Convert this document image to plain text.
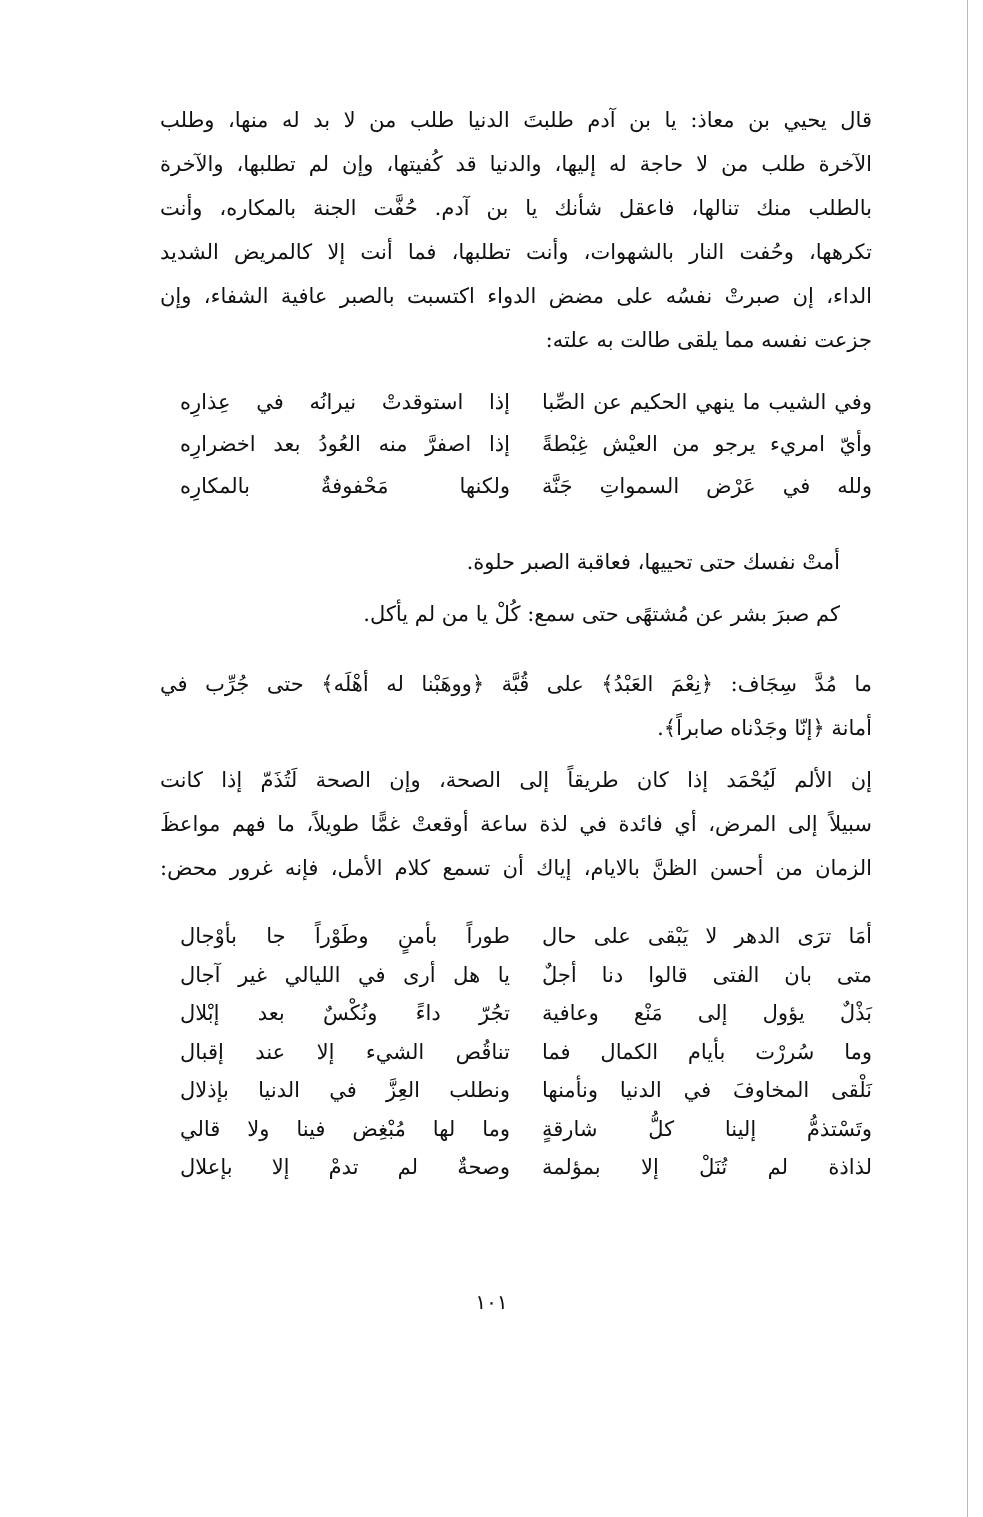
قال يحيي بن معاذ: يا بن آدم طلبتَ الدنيا طلب من لا بد له منها، وطلب
الآخرة طلب من لا حاجة له إليها، والدنيا قد كُفيتها، وإن لم تطلبها، والآخرة
بالطلب منك تنالها، فاعقل شأنك يا بن آدم. حُفَّت الجنة بالمكاره، وأنت
تكرهها، وحُفت النار بالشهوات، وأنت تطلبها، فما أنت إلا كالمريض الشديد
الداء، إن صبرتْ نفسُه على مضض الدواء اكتسبت بالصبر عافية الشفاء، وإن
جزعت نفسه مما يلقى طالت به علته:
وفي الشيب ما ينهي الحكيم عن الصِّبا
إذا استوقدتْ نيرانُه في عِذارِه
وأيّ امريء يرجو من العيْش غِبْطةً
إذا اصفرَّ منه العُودُ بعد اخضرارِه
ولله في عَرْض السمواتِ جَنَّة
ولكنها مَحْفوفةٌ بالمكارِه
أمتْ نفسك حتى تحييها، فعاقبة الصبر حلوة.
كم صبرَ بشر عن مُشتهًى حتى سمع: كُلْ يا من لم يأكل.
ما مُدَّ سِجَاف: ﴿نِعْمَ العَبْدُ﴾ على قُبَّة ﴿ووهَبْنا له أهْلَه﴾ حتى جُرِّب في
أمانة ﴿إنّا وجَدْناه صابراً﴾.
إن الألم لَيُحْمَد إذا كان طريقاً إلى الصحة، وإن الصحة لَتُذَمّ إذا كانت
سبيلاً إلى المرض، أي فائدة في لذة ساعة أوقعتْ غمًّا طويلاً، ما فهم مواعظَ
الزمان من أحسن الظنَّ بالايام، إياك أن تسمع كلام الأمل، فإنه غرور محض:
أمَا ترَى الدهر لا يَبْقى على حال
طوراً بأمنٍ وطَوْراً جا بأوْجال
متى بان الفتى قالوا دنا أجلٌ
يا هل أرى في الليالي غير آجال
بَذْلٌ يؤول إلى مَنْع وعافية
تجُرّ داءً ونُكْسٌ بعد إبْلال
وما سُررْت بأيام الكمال فما
تناقُص الشيء إلا عند إقبال
نَلْقى المخاوفَ في الدنيا ونأمنها
ونطلب العِزَّ في الدنيا بإذلال
وتَسْتذمُّ إلينا كلُّ شارقةٍ
وما لها مُبْغِض فينا ولا قالي
لذاذة لم تُنَلْ إلا بمؤلمة
وصحةٌ لم تدمْ إلا بإعلال
١٠١
